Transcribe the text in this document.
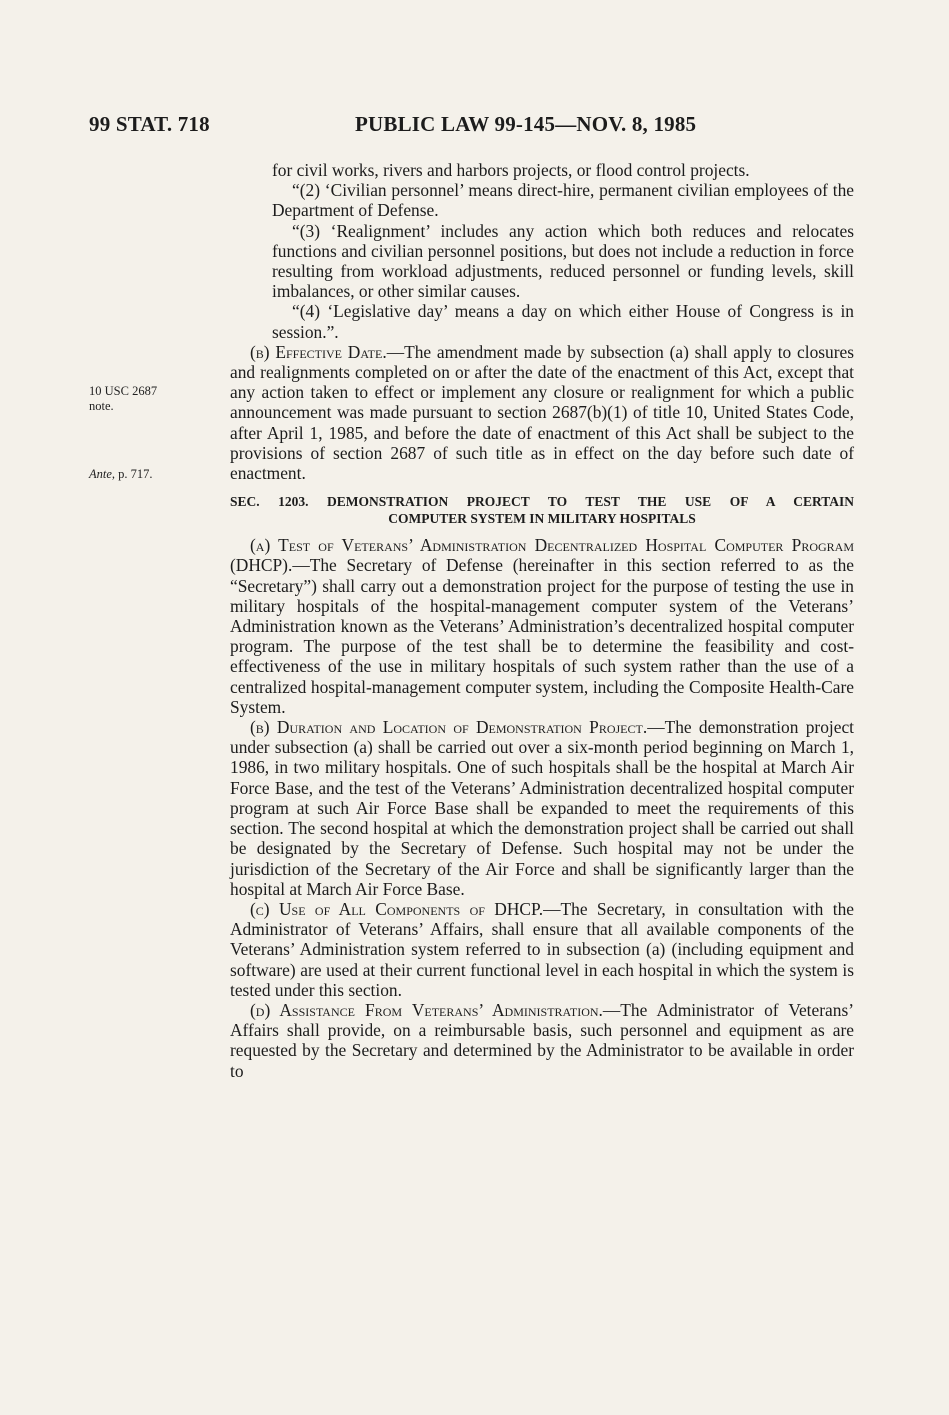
99 STAT. 718	PUBLIC LAW 99-145—NOV. 8, 1985
10 USC 2687
note.
Ante, p. 717.

for civil works, rivers and harbors projects, or flood control projects.

“(2) ‘Civilian personnel’ means direct-hire, permanent civilian employees of the Department of Defense.

“(3) ‘Realignment’ includes any action which both reduces and relocates functions and civilian personnel positions, but does not include a reduction in force resulting from workload adjustments, reduced personnel or funding levels, skill imbalances, or other similar causes.

“(4) ‘Legislative day’ means a day on which either House of Congress is in session.”.

(b) Effective Date.—The amendment made by subsection (a) shall apply to closures and realignments completed on or after the date of the enactment of this Act, except that any action taken to effect or implement any closure or realignment for which a public announcement was made pursuant to section 2687(b)(1) of title 10, United States Code, after April 1, 1985, and before the date of enactment of this Act shall be subject to the provisions of section 2687 of such title as in effect on the day before such date of enactment.

SEC. 1203. DEMONSTRATION PROJECT TO TEST THE USE OF A CERTAIN
COMPUTER SYSTEM IN MILITARY HOSPITALS

(a) Test of Veterans’ Administration Decentralized Hospital Computer Program (DHCP).—The Secretary of Defense (hereinafter in this section referred to as the “Secretary”) shall carry out a demonstration project for the purpose of testing the use in military hospitals of the hospital-management computer system of the Veterans’ Administration known as the Veterans’ Administration’s decentralized hospital computer program. The purpose of the test shall be to determine the feasibility and cost-effectiveness of the use in military hospitals of such system rather than the use of a centralized hospital-management computer system, including the Composite Health-Care System.

(b) Duration and Location of Demonstration Project.—The demonstration project under subsection (a) shall be carried out over a six-month period beginning on March 1, 1986, in two military hospitals. One of such hospitals shall be the hospital at March Air Force Base, and the test of the Veterans’ Administration decentralized hospital computer program at such Air Force Base shall be expanded to meet the requirements of this section. The second hospital at which the demonstration project shall be carried out shall be designated by the Secretary of Defense. Such hospital may not be under the jurisdiction of the Secretary of the Air Force and shall be significantly larger than the hospital at March Air Force Base.

(c) Use of All Components of DHCP.—The Secretary, in consultation with the Administrator of Veterans’ Affairs, shall ensure that all available components of the Veterans’ Administration system referred to in subsection (a) (including equipment and software) are used at their current functional level in each hospital in which the system is tested under this section.

(d) Assistance From Veterans’ Administration.—The Administrator of Veterans’ Affairs shall provide, on a reimbursable basis, such personnel and equipment as are requested by the Secretary and determined by the Administrator to be available in order to
